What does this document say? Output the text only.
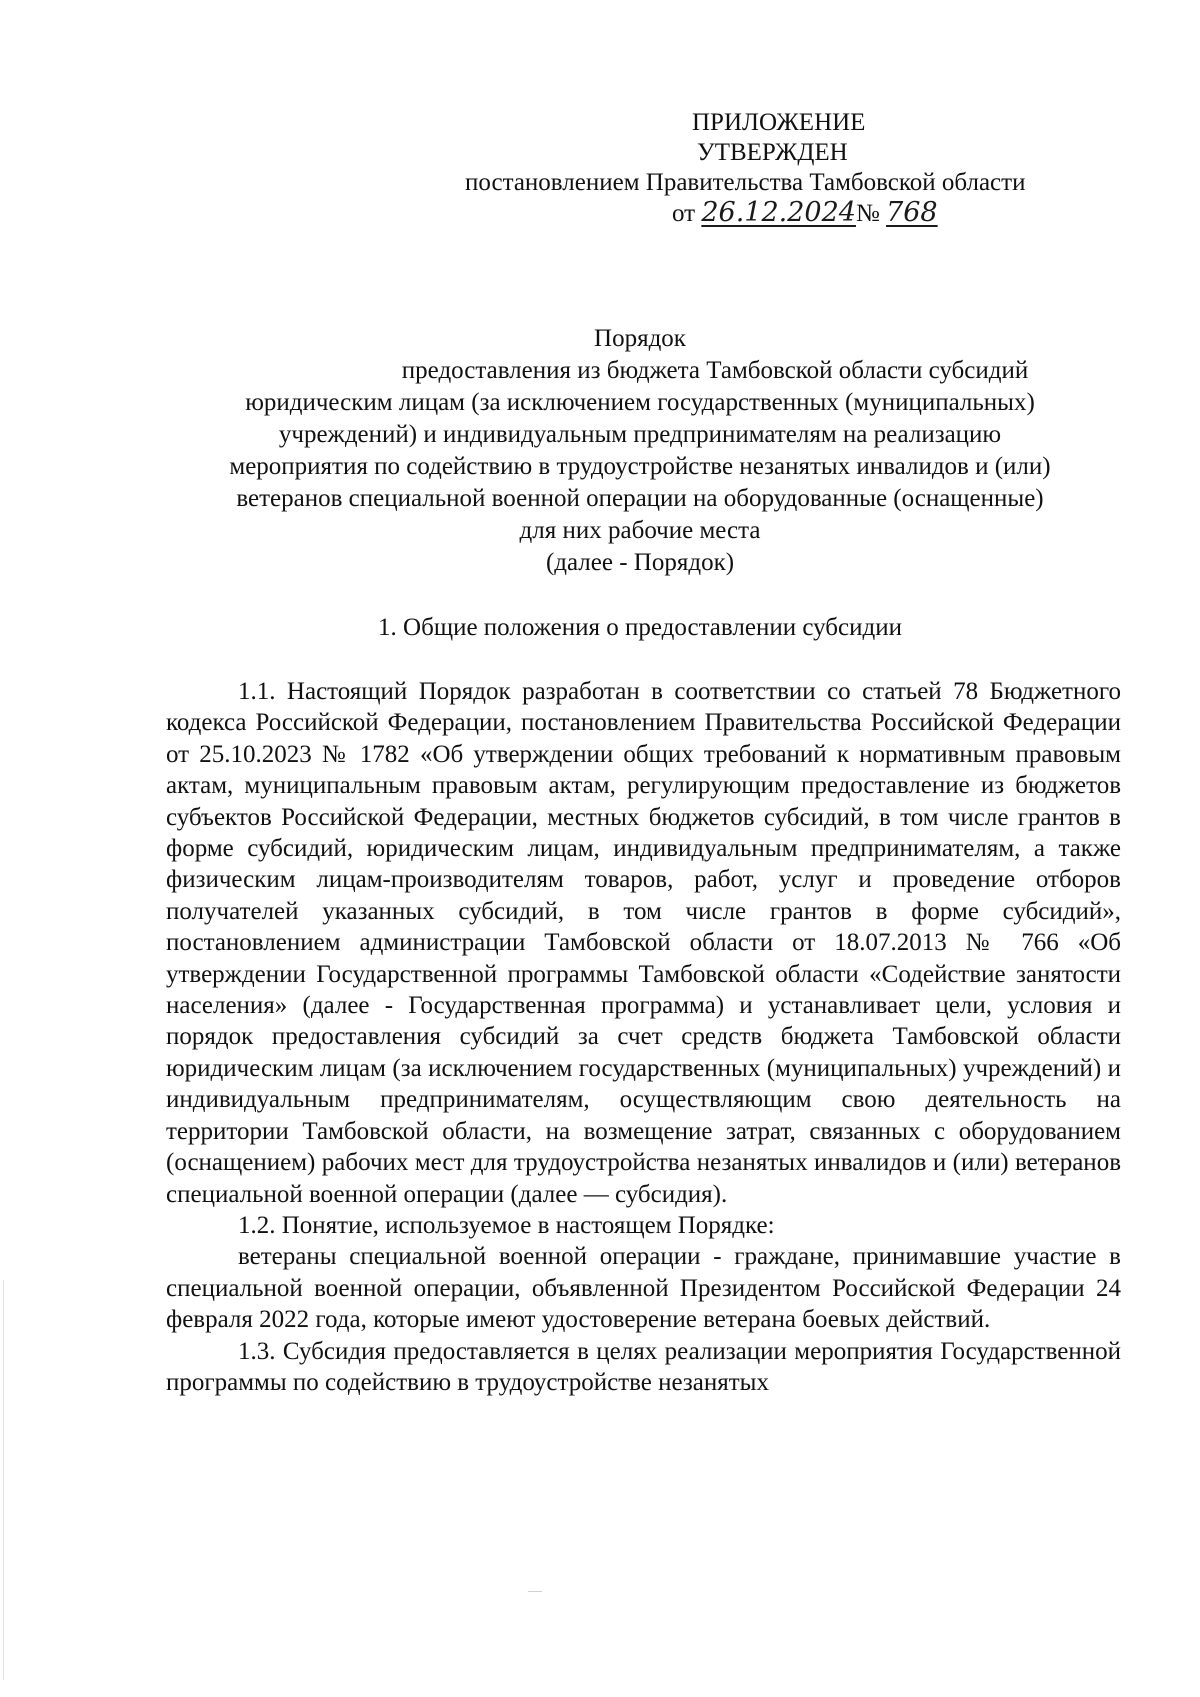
ПРИЛОЖЕНИЕ
УТВЕРЖДЕН
постановлением Правительства Тамбовской области
от 26.12.2024№ 768
Порядок
предоставления из бюджета Тамбовской области субсидий
юридическим лицам (за исключением государственных (муниципальных)
учреждений) и индивидуальным предпринимателям на реализацию
мероприятия по содействию в трудоустройстве незанятых инвалидов и (или)
ветеранов специальной военной операции на оборудованные (оснащенные)
для них рабочие места
(далее - Порядок)
1. Общие положения о предоставлении субсидии

1.1. Настоящий Порядок разработан в соответствии со статьей 78 Бюджетного кодекса Российской Федерации, постановлением Правительства Российской Федерации от 25.10.2023 № 1782 «Об утверждении общих требований к нормативным правовым актам, муниципальным правовым актам, регулирующим предоставление из бюджетов субъектов Российской Федерации, местных бюджетов субсидий, в том числе грантов в форме субсидий, юридическим лицам, индивидуальным предпринимателям, а также физическим лицам-производителям товаров, работ, услуг и проведение отборов получателей указанных субсидий, в том числе грантов в форме субсидий», постановлением администрации Тамбовской области от 18.07.2013 № 766 «Об утверждении Государственной программы Тамбовской области «Содействие занятости населения» (далее - Государственная программа) и устанавливает цели, условия и порядок предоставления субсидий за счет средств бюджета Тамбовской области юридическим лицам (за исключением государственных (муниципальных) учреждений) и индивидуальным предпринимателям, осуществляющим свою деятельность на территории Тамбовской области, на возмещение затрат, связанных с оборудованием (оснащением) рабочих мест для трудоустройства незанятых инвалидов и (или) ветеранов специальной военной операции (далее — субсидия).

1.2. Понятие, используемое в настоящем Порядке:

ветераны специальной военной операции - граждане, принимавшие участие в специальной военной операции, объявленной Президентом Российской Федерации 24 февраля 2022 года, которые имеют удостоверение ветерана боевых действий.

1.3. Субсидия предоставляется в целях реализации мероприятия Государственной программы по содействию в трудоустройстве незанятых
